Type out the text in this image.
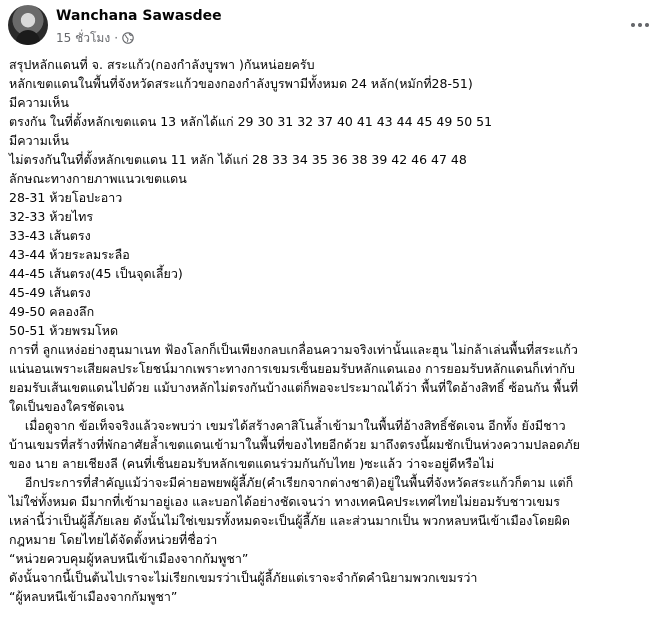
Wanchana Sawasdee
15 ชั่วโมง ·
สรุปหลักแดนที่ จ. สระแก้ว(กองกำลังบูรพา )กันหน่อยครับ
หลักเขตแดนในพื้นที่จังหวัดสระแก้วของกองกำลังบูรพามีทั้งหมด 24 หลัก(หมักที่28-51)
มีความเห็น
ตรงกัน ในที่ตั้งหลักเขตแดน 13 หลักได้แก่ 29 30 31 32 37 40 41 43 44 45 49 50 51
มีความเห็น
ไม่ตรงกันในที่ตั้งหลักเขตแดน 11 หลัก ได้แก่ 28 33 34 35 36 38 39 42 46 47 48
ลักษณะทางกายภาพแนวเขตแดน
28-31 ห้วยโอปะอาว
32-33 ห้วยไทร
33-43 เส้นตรง
43-44 ห้วยระลมระลือ
44-45 เส้นตรง(45 เป็นจุดเลี้ยว)
45-49 เส้นตรง
49-50 คลองลึก
50-51 ห้วยพรมโหด
การที่ ลูกแหง่อย่างฮุนมาเนท ฟ้องโลกก็เป็นเพียงกลบเกลื่อนความจริงเท่านั้นและฮุน ไม่กล้าเล่นพื้นที่สระแก้ว
แน่นอนเพราะเสียผลประโยชน์มากเพราะทางการเขมรเซ็นยอมรับหลักแดนเอง การยอมรับหลักแดนก็เท่ากับ
ยอมรับเส้นเขตแดนไปด้วย แม้บางหลักไม่ตรงกันบ้างแต่ก็พอจะประมาณได้ว่า พื้นที่ใดอ้างสิทธิ์ ซ้อนกัน พื้นที่
ใดเป็นของใครชัดเจน
เมื่อดูจาก ข้อเท็จจริงแล้วจะพบว่า เขมรได้สร้างคาสิโนล้ำเข้ามาในพื้นที่อ้างสิทธิ์ชัดเจน อีกทั้ง ยังมีชาว
บ้านเขมรที่สร้างที่พักอาศัยล้ำเขตแดนเข้ามาในพื้นที่ของไทยอีกด้วย มาถึงตรงนี้ผมชักเป็นห่วงความปลอดภัย
ของ นาย ลายเชียงลี (คนที่เซ็นยอมรับหลักเขตแดนร่วมกันกับไทย )ซะแล้ว ว่าจะอยู่ดีหรือไม่
อีกประการที่สำคัญแม้ว่าจะมีค่ายอพยพผู้ลี้ภัย(คำเรียกจากต่างชาติ)อยู่ในพื้นที่จังหวัดสระแก้วก็ตาม แต่ก็
ไม่ใช่ทั้งหมด มีมากที่เข้ามาอยู่เอง และบอกได้อย่างชัดเจนว่า ทางเทคนิคประเทศไทยไม่ยอมรับชาวเขมร
เหล่านี้ว่าเป็นผู้ลี้ภัยเลย ดังนั้นไม่ใช่เขมรทั้งหมดจะเป็นผู้ลี้ภัย และส่วนมากเป็น พวกหลบหนีเข้าเมืองโดยผิด
กฎหมาย โดยไทยได้จัดตั้งหน่วยที่ชื่อว่า
“หน่วยควบคุมผู้หลบหนีเข้าเมืองจากกัมพูชา”
ดังนั้นจากนี้เป็นต้นไปเราจะไม่เรียกเขมรว่าเป็นผู้ลี้ภัยแต่เราจะจำกัดคำนิยามพวกเขมรว่า
“ผู้หลบหนีเข้าเมืองจากกัมพูชา”
